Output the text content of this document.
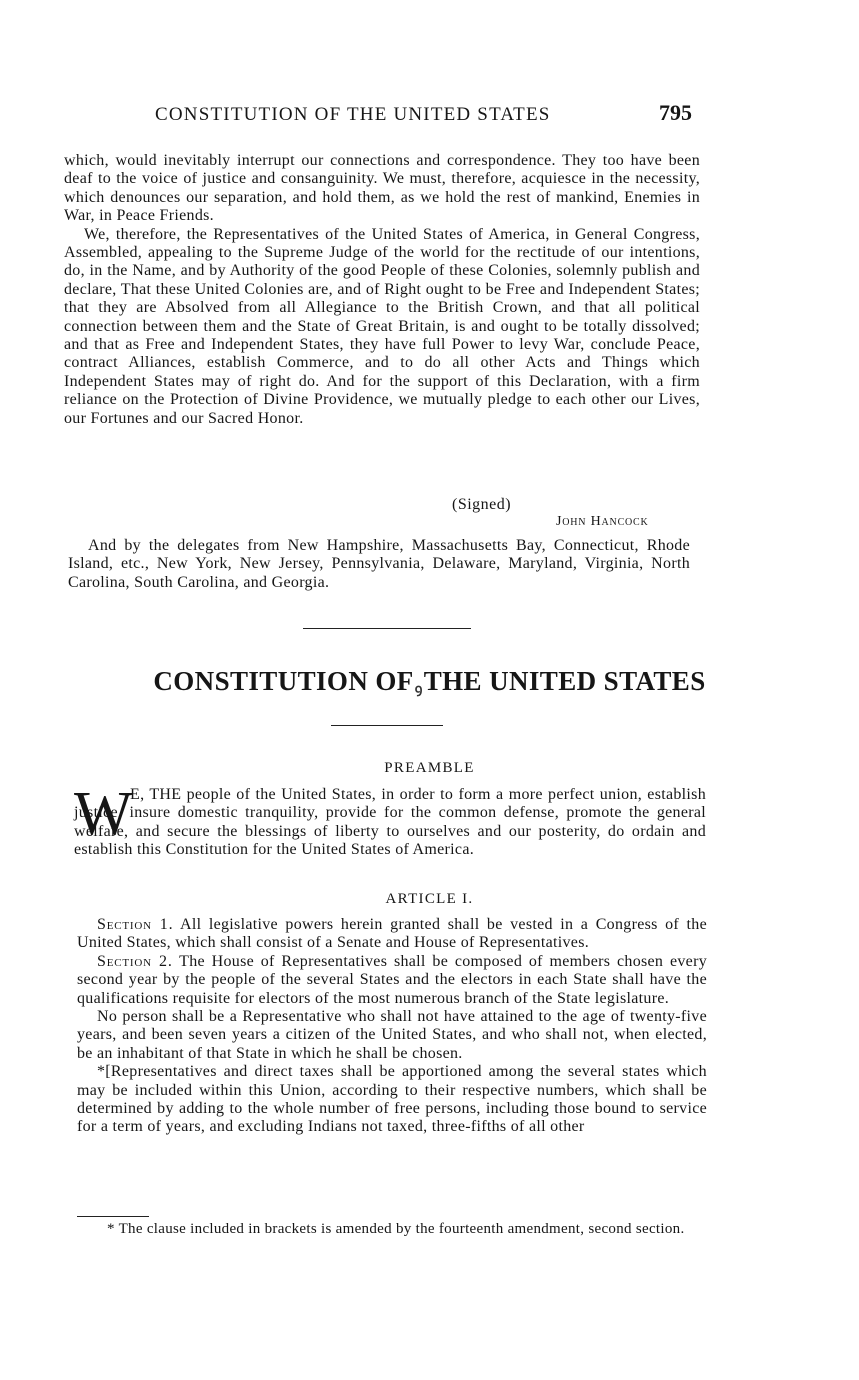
CONSTITUTION OF THE UNITED STATES	795

which, would inevitably interrupt our connections and correspondence. They too have been deaf to the voice of justice and consanguinity. We must, therefore, acquiesce in the necessity, which denounces our separation, and hold them, as we hold the rest of mankind, Enemies in War, in Peace Friends.

We, therefore, the Representatives of the United States of America, in General Congress, Assembled, appealing to the Supreme Judge of the world for the rectitude of our intentions, do, in the Name, and by Authority of the good People of these Colonies, solemnly publish and declare, That these United Colonies are, and of Right ought to be Free and Independent States; that they are Absolved from all Allegiance to the British Crown, and that all political connection between them and the State of Great Britain, is and ought to be totally dissolved; and that as Free and Independent States, they have full Power to levy War, conclude Peace, contract Alliances, establish Commerce, and to do all other Acts and Things which Independent States may of right do. And for the support of this Declaration, with a firm reliance on the Protection of Divine Providence, we mutually pledge to each other our Lives, our Fortunes and our Sacred Honor.

(Signed)
John Hancock

And by the delegates from New Hampshire, Massachusetts Bay, Connecticut, Rhode Island, etc., New York, New Jersey, Pennsylvania, Delaware, Maryland, Virginia, North Carolina, South Carolina, and Georgia.

CONSTITUTION OFꝯTHE UNITED STATES
PREAMBLE
W

E, THE people of the United States, in order to form a more perfect union, establish justice, insure domestic tranquility, provide for the common defense, promote the general welfare, and secure the blessings of liberty to ourselves and our posterity, do ordain and establish this Constitution for the United States of America.

ARTICLE I.

Section 1. All legislative powers herein granted shall be vested in a Congress of the United States, which shall consist of a Senate and House of Representatives.

Section 2. The House of Representatives shall be composed of members chosen every second year by the people of the several States and the electors in each State shall have the qualifications requisite for electors of the most numerous branch of the State legislature.

No person shall be a Representative who shall not have attained to the age of twenty-five years, and been seven years a citizen of the United States, and who shall not, when elected, be an inhabitant of that State in which he shall be chosen.

*[Representatives and direct taxes shall be apportioned among the several states which may be included within this Union, according to their respective numbers, which shall be determined by adding to the whole number of free persons, including those bound to service for a term of years, and excluding Indians not taxed, three-fifths of all other

* The clause included in brackets is amended by the fourteenth amendment, second section.
